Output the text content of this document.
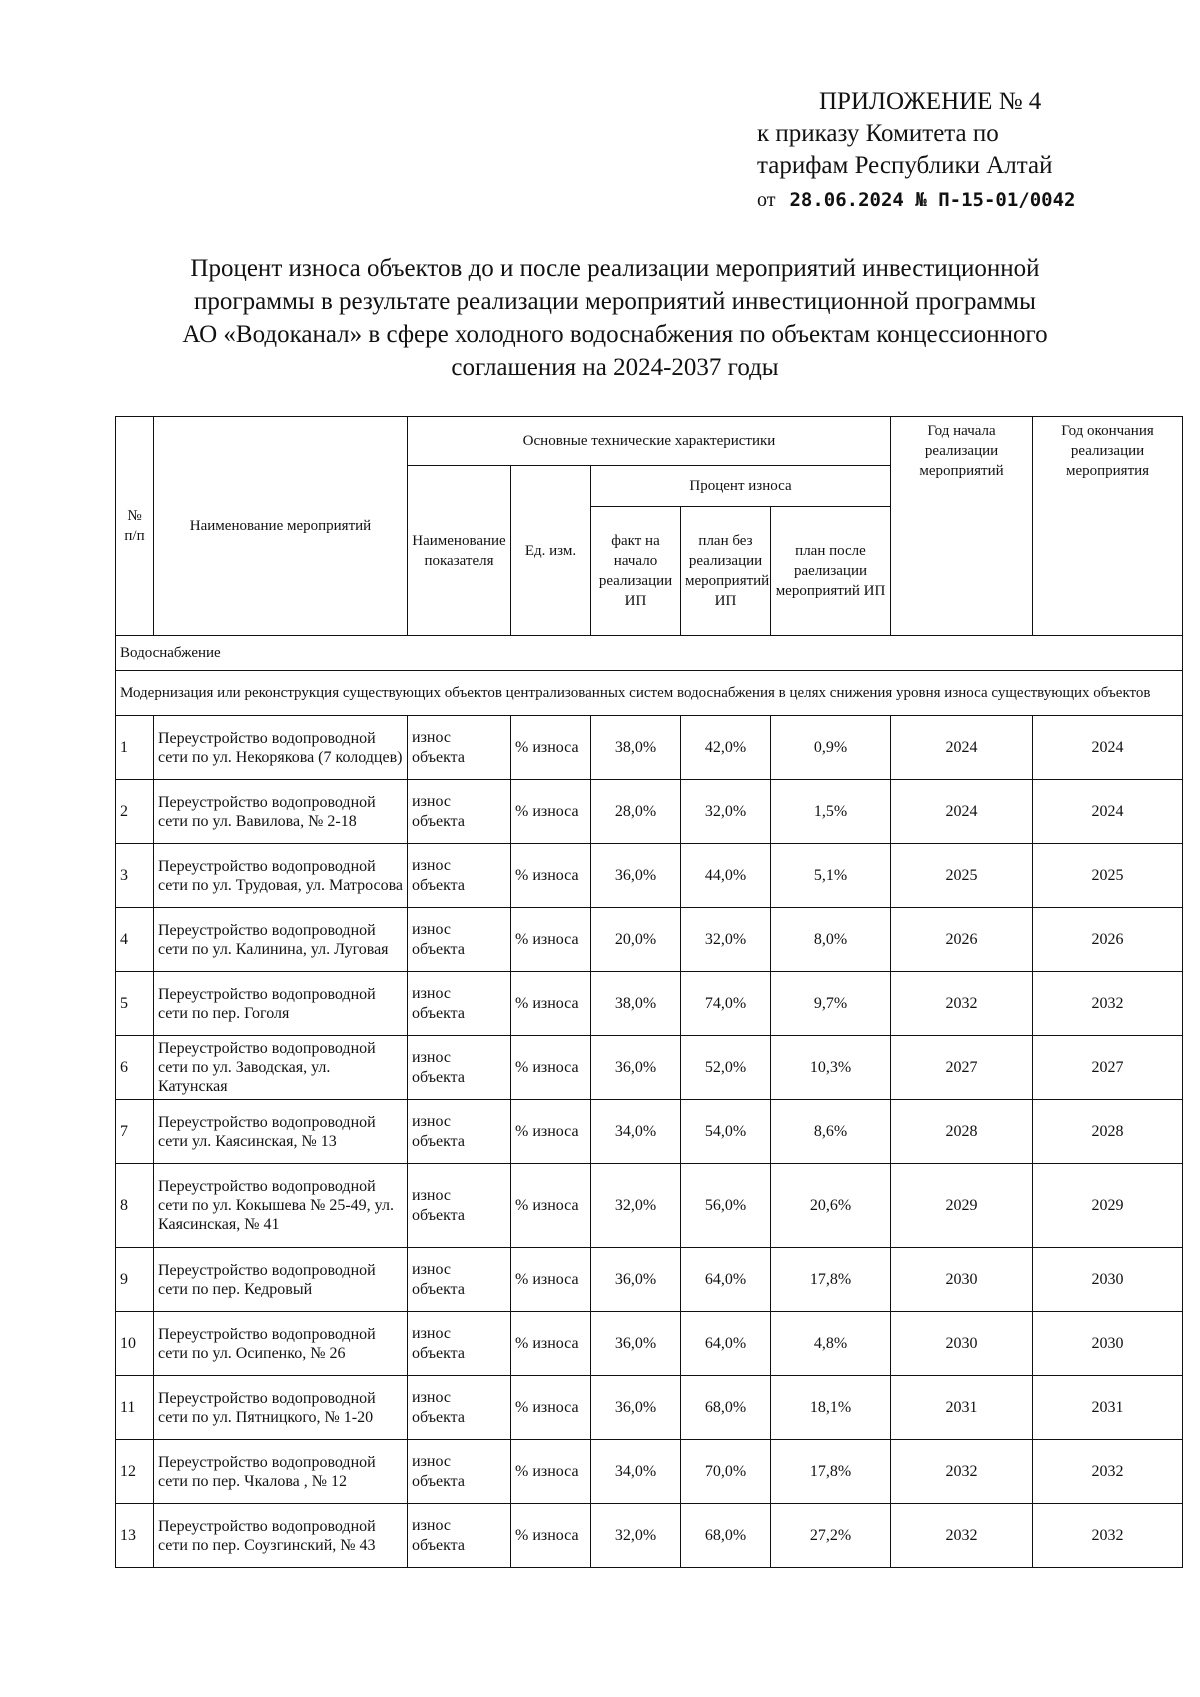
ПРИЛОЖЕНИЕ № 4
к приказу Комитета по
тарифам Республики Алтай
от 28.06.2024 № П-15-01/0042
Процент износа объектов до и после реализации мероприятий инвестиционной
программы в результате реализации мероприятий инвестиционной программы
АО «Водоканал» в сфере холодного водоснабжения по объектам концессионного
соглашения на 2024-2037 годы
№ п/п	Наименование мероприятий	Основные технические характеристики					Год начала реализации мероприятий	Год окончания реализации мероприятия
		Наименование показателя	Ед. изм.	Процент износа				
				факт на начало реализации ИП	план без реализации мероприятий ИП	план после раелизации мероприятий ИП		
Водоснабжение								
Модернизация или реконструкция существующих объектов централизованных систем водоснабжения в целях снижения уровня износа существующих объектов								
1	Переустройство водопроводной сети по ул. Некорякова (7 колодцев)	износ объекта	% износа	38,0%	42,0%	0,9%	2024	2024
2	Переустройство водопроводной сети по ул. Вавилова, № 2-18	износ объекта	% износа	28,0%	32,0%	1,5%	2024	2024
3	Переустройство водопроводной сети по ул. Трудовая, ул. Матросова	износ объекта	% износа	36,0%	44,0%	5,1%	2025	2025
4	Переустройство водопроводной сети по ул. Калинина, ул. Луговая	износ объекта	% износа	20,0%	32,0%	8,0%	2026	2026
5	Переустройство водопроводной сети по пер. Гоголя	износ объекта	% износа	38,0%	74,0%	9,7%	2032	2032
6	Переустройство водопроводной сети по ул. Заводская, ул. Катунская	износ объекта	% износа	36,0%	52,0%	10,3%	2027	2027
7	Переустройство водопроводной сети ул. Каясинская, № 13	износ объекта	% износа	34,0%	54,0%	8,6%	2028	2028
8	Переустройство водопроводной сети по ул. Кокышева № 25-49, ул. Каясинская, № 41	износ объекта	% износа	32,0%	56,0%	20,6%	2029	2029
9	Переустройство водопроводной сети по пер. Кедровый	износ объекта	% износа	36,0%	64,0%	17,8%	2030	2030
10	Переустройство водопроводной сети по ул. Осипенко, № 26	износ объекта	% износа	36,0%	64,0%	4,8%	2030	2030
11	Переустройство водопроводной сети по ул. Пятницкого, № 1-20	износ объекта	% износа	36,0%	68,0%	18,1%	2031	2031
12	Переустройство водопроводной сети по пер. Чкалова , № 12	износ объекта	% износа	34,0%	70,0%	17,8%	2032	2032
13	Переустройство водопроводной сети по пер. Соузгинский, № 43	износ объекта	% износа	32,0%	68,0%	27,2%	2032	2032
